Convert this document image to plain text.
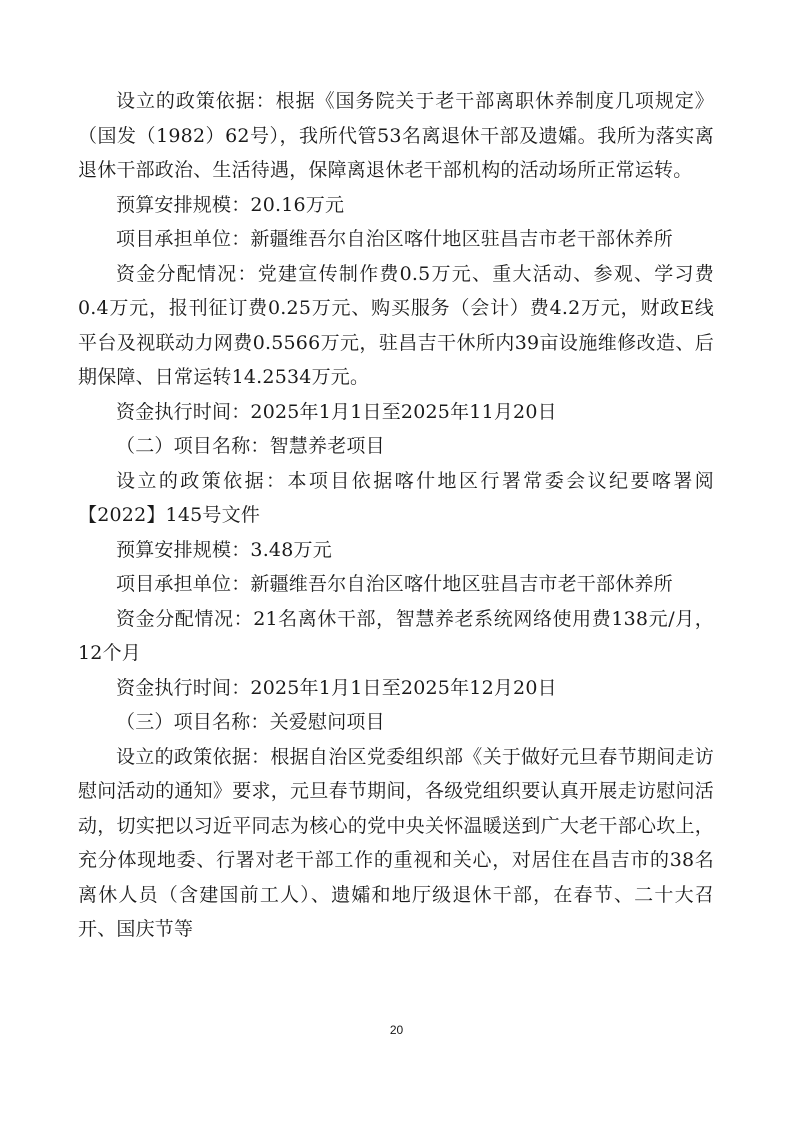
设立的政策依据：根据《国务院关于老干部离职休养制度几项规定》（国发（1982）62号），我所代管53名离退休干部及遗孀。我所为落实离退休干部政治、生活待遇，保障离退休老干部机构的活动场所正常运转。

预算安排规模：20.16万元

项目承担单位：新疆维吾尔自治区喀什地区驻昌吉市老干部休养所

资金分配情况：党建宣传制作费0.5万元、重大活动、参观、学习费0.4万元，报刊征订费0.25万元、购买服务（会计）费4.2万元，财政E线平台及视联动力网费0.5566万元，驻昌吉干休所内39亩设施维修改造、后期保障、日常运转14.2534万元。

资金执行时间：2025年1月1日至2025年11月20日

（二）项目名称：智慧养老项目

设立的政策依据：本项目依据喀什地区行署常委会议纪要喀署阅【2022】145号文件

预算安排规模：3.48万元

项目承担单位：新疆维吾尔自治区喀什地区驻昌吉市老干部休养所

资金分配情况：21名离休干部，智慧养老系统网络使用费138元/月，12个月

资金执行时间：2025年1月1日至2025年12月20日

（三）项目名称：关爱慰问项目

设立的政策依据：根据自治区党委组织部《关于做好元旦春节期间走访慰问活动的通知》要求，元旦春节期间，各级党组织要认真开展走访慰问活动，切实把以习近平同志为核心的党中央关怀温暖送到广大老干部心坎上，充分体现地委、行署对老干部工作的重视和关心，对居住在昌吉市的38名离休人员（含建国前工人）、遗孀和地厅级退休干部，在春节、二十大召开、国庆节等

20
